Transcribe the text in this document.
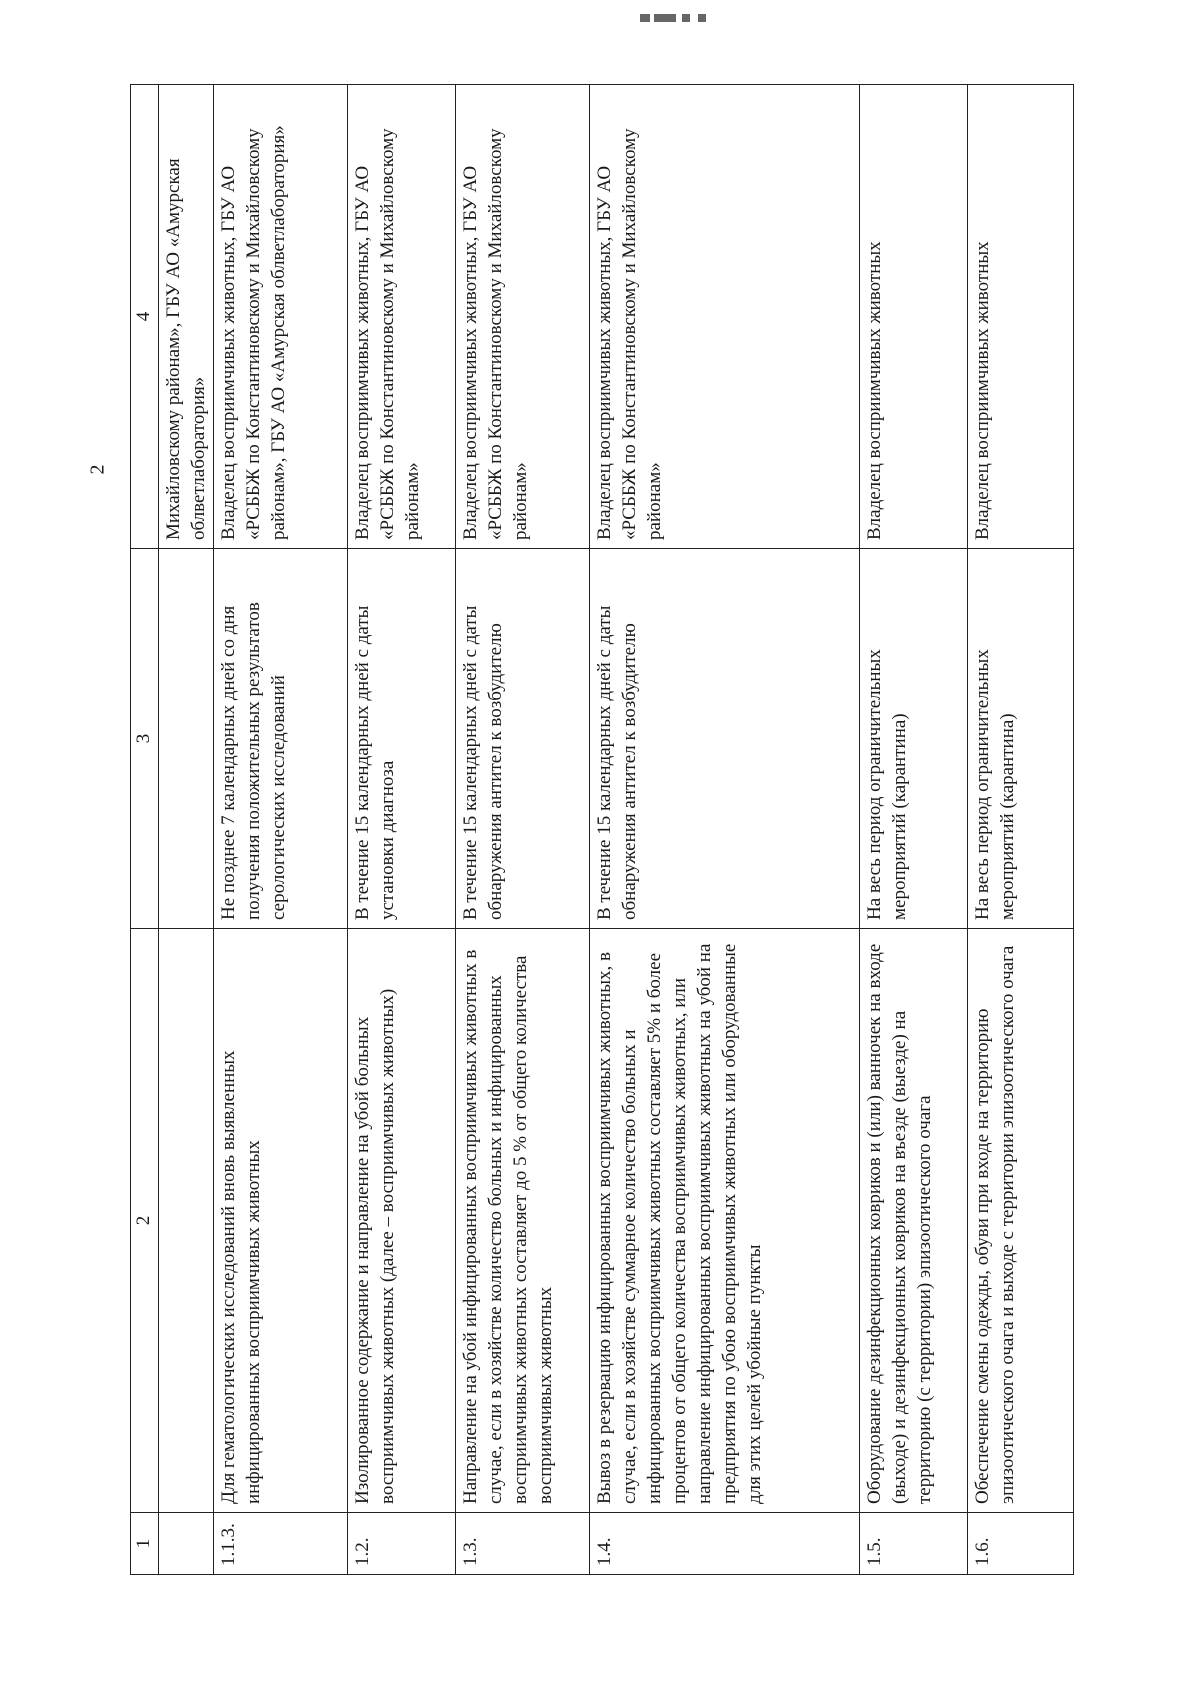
2
1	2	3	4
			Михайловскому районам», ГБУ АО «Амурская облветлаборатория»
1.1.3.	Для гематологических исследований вновь выявленных инфицированных восприимчивых животных	Не позднее 7 календарных дней со дня получения положительных результатов серологических исследований	Владелец восприимчивых животных, ГБУ АО «РСББЖ по Константиновскому и Михайловскому районам», ГБУ АО «Амурская облветлаборатория»
1.2.	Изолированное содержание и направление на убой больных восприимчивых животных (далее – восприимчивых животных)	В течение 15 календарных дней с даты установки диагноза	Владелец восприимчивых животных, ГБУ АО «РСББЖ по Константиновскому и Михайловскому районам»
1.3.	Направление на убой инфицированных восприимчивых животных в случае, если в хозяйстве количество больных и инфицированных восприимчивых животных составляет до 5 % от общего количества восприимчивых животных	В течение 15 календарных дней с даты обнаружения антител к возбудителю	Владелец восприимчивых животных, ГБУ АО «РСББЖ по Константиновскому и Михайловскому районам»
1.4.	Вывоз в резервацию инфицированных восприимчивых животных, в случае, если в хозяйстве суммарное количество больных и инфицированных восприимчивых животных составляет 5% и более процентов от общего количества восприимчивых животных, или направление инфицированных восприимчивых животных на убой на предприятия по убою восприимчивых животных или оборудованные для этих целей убойные пункты	В течение 15 календарных дней с даты обнаружения антител к возбудителю	Владелец восприимчивых животных, ГБУ АО «РСББЖ по Константиновскому и Михайловскому районам»
1.5.	Оборудование дезинфекционных ковриков и (или) ванночек на входе (выходе) и дезинфекционных ковриков на въезде (выезде) на территорию (с территории) эпизоотического очага	На весь период ограничительных мероприятий (карантина)	Владелец восприимчивых животных
1.6.	Обеспечение смены одежды, обуви при входе на территорию эпизоотического очага и выходе с территории эпизоотического очага	На весь период ограничительных мероприятий (карантина)	Владелец восприимчивых животных
